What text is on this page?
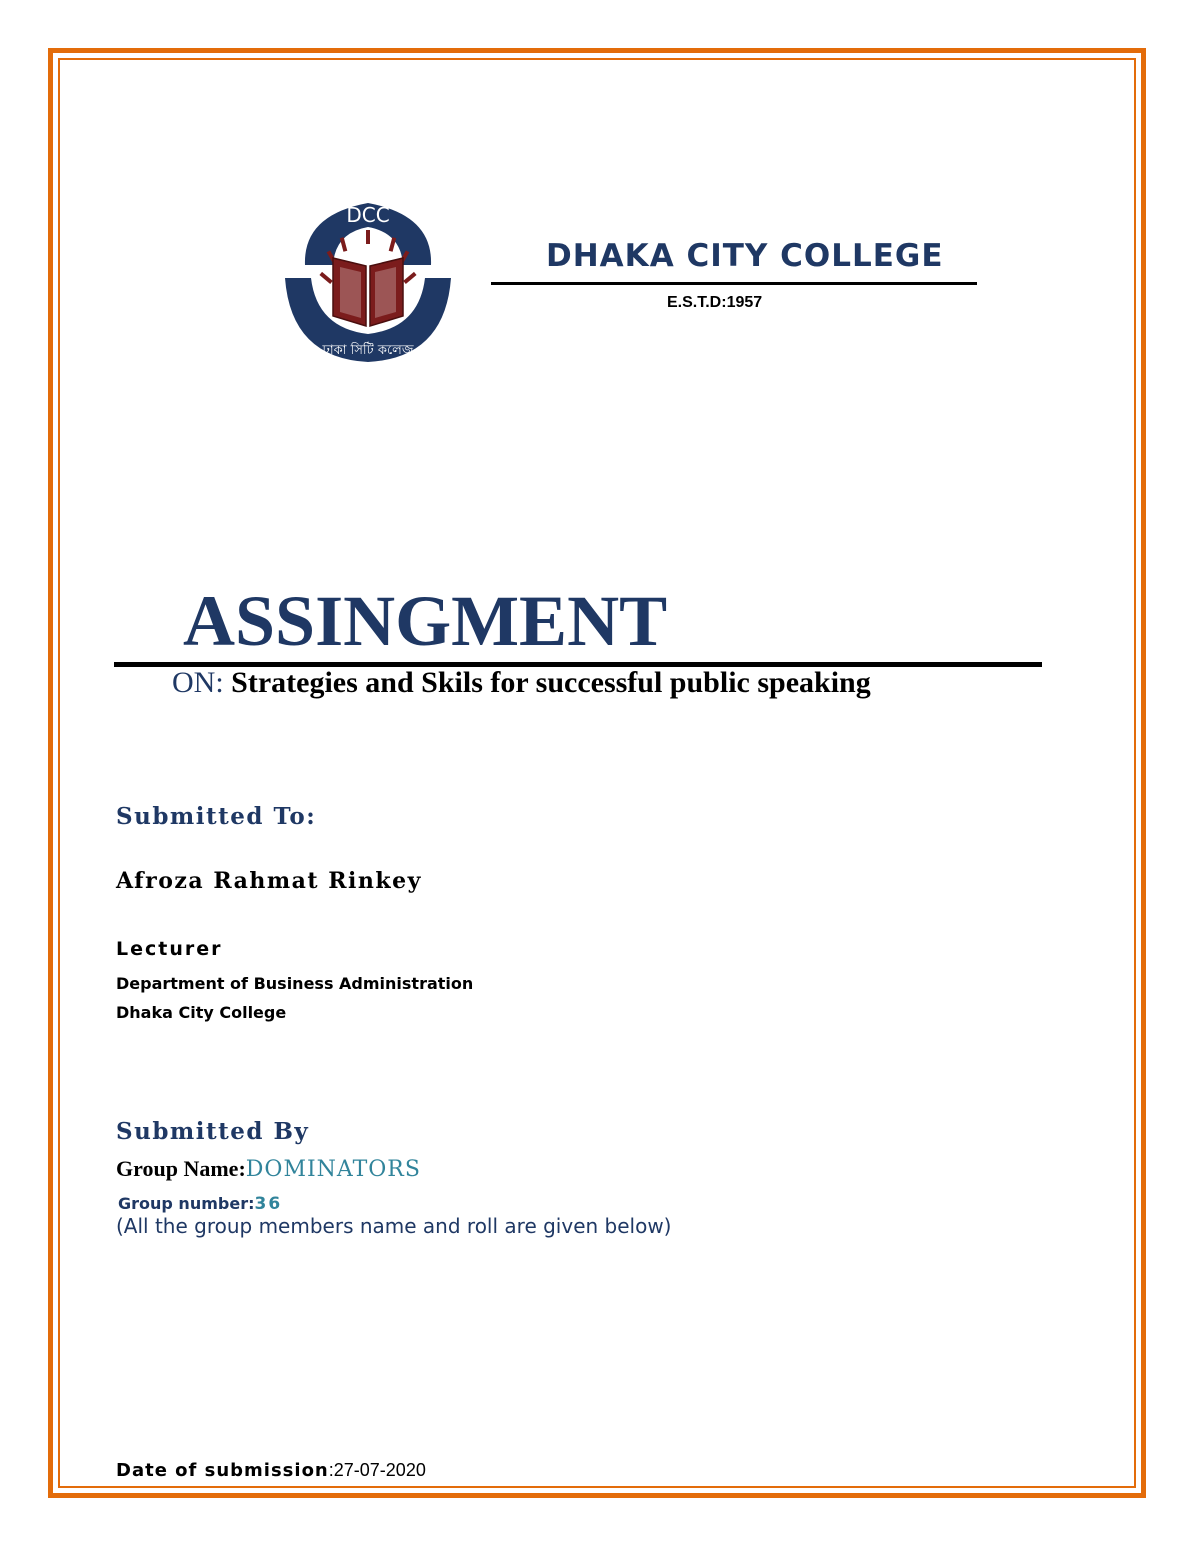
DCC
ঢাকা সিটি কলেজ
DHAKA CITY COLLEGE
E.S.T.D:1957
ASSINGMENT
ON: Strategies and Skils for successful public speaking
Submitted To:
Afroza Rahmat Rinkey
Lecturer
Department of Business Administration
Dhaka City College
Submitted By
Group Name:DOMINATORS
Group number:36
(All the group members name and roll are given below)
Date of submission:27-07-2020
